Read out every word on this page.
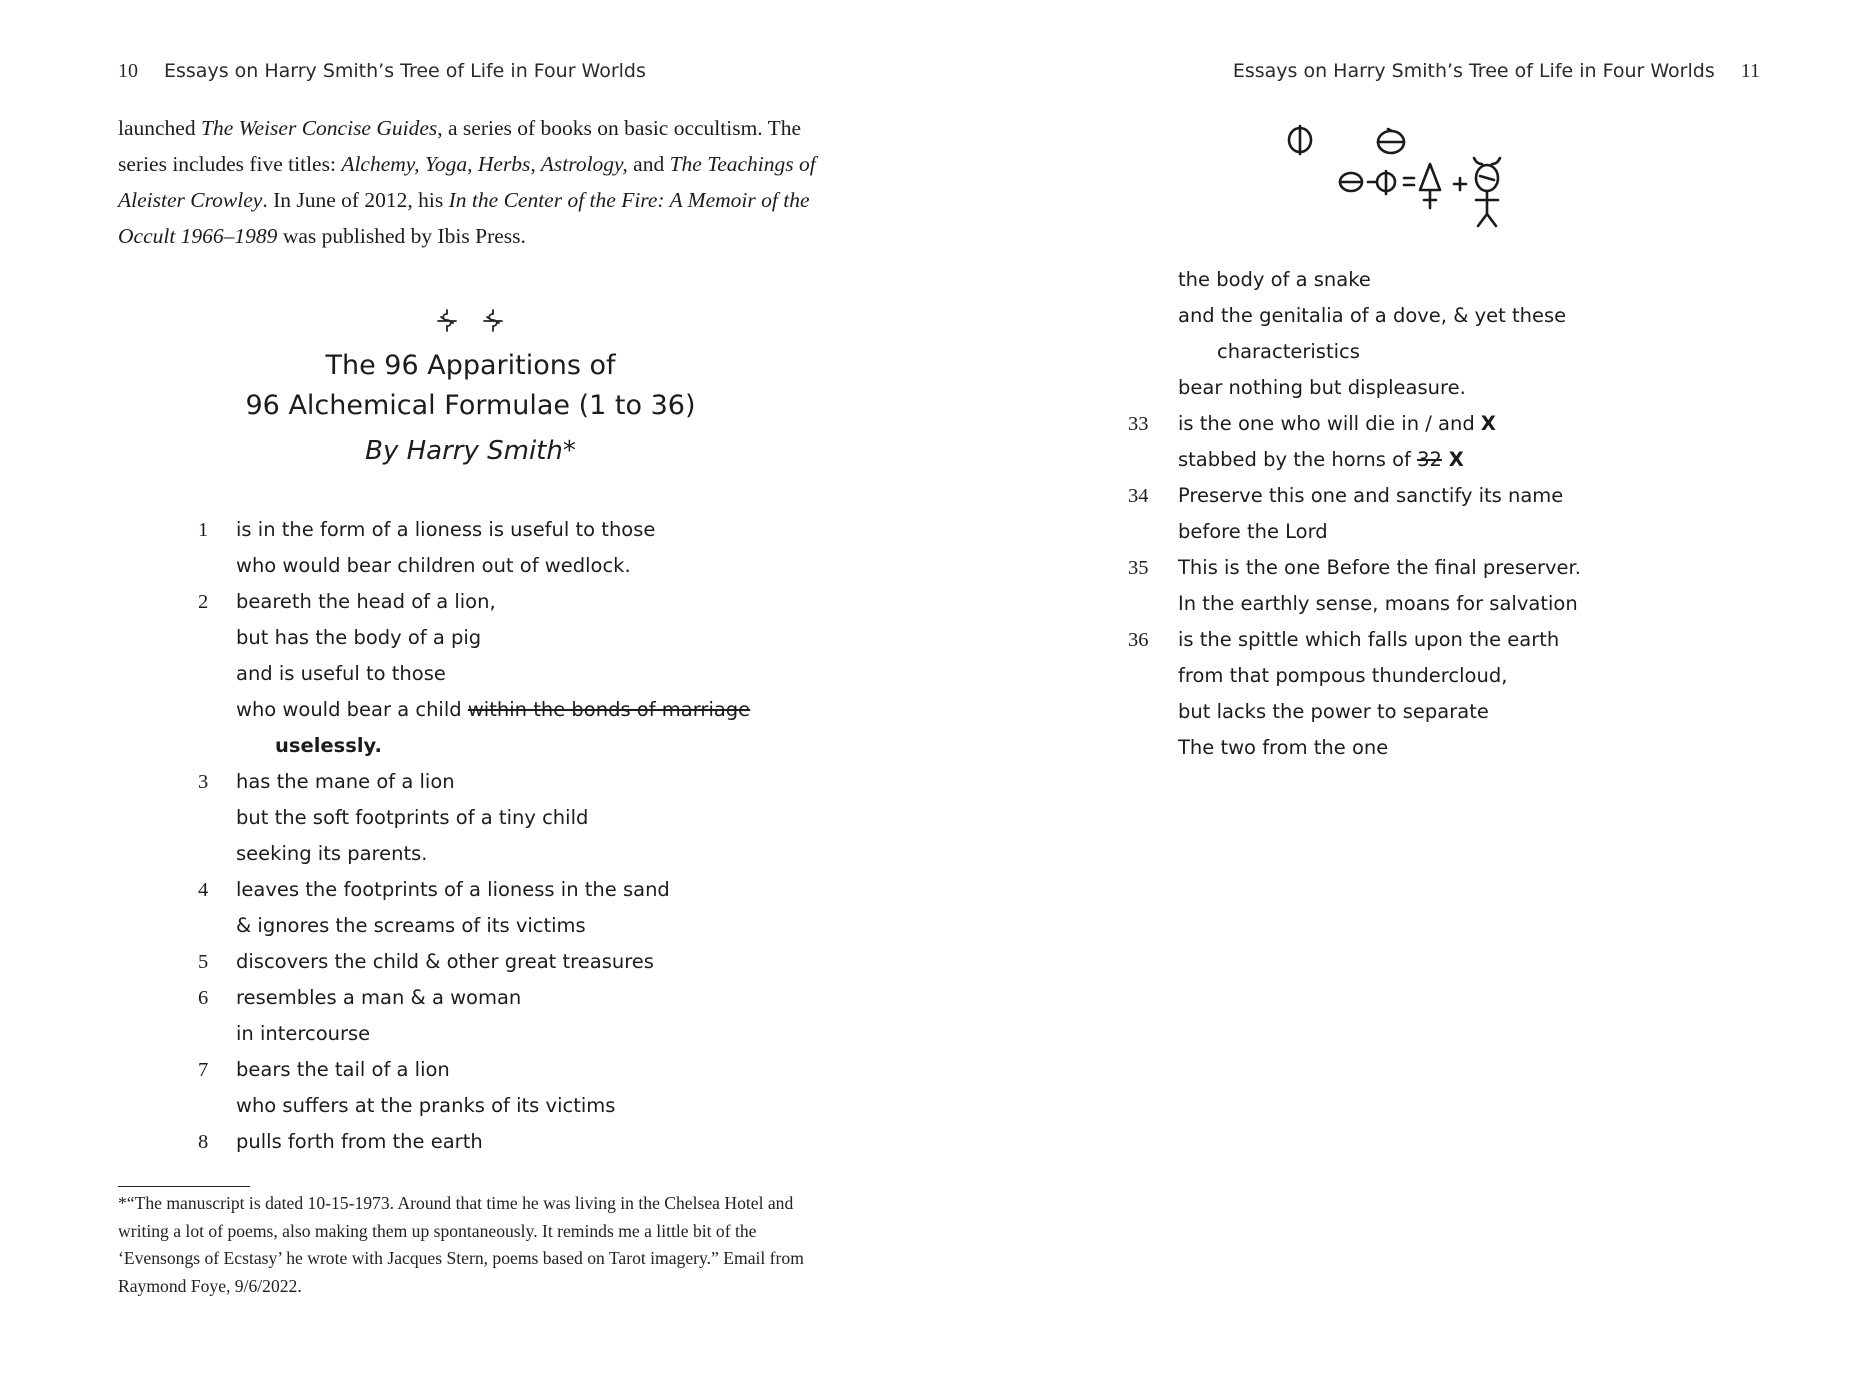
10 Essays on Harry Smith’s Tree of Life in Four Worlds

launched The Weiser Concise Guides, a series of books on basic occultism. The series includes five titles: Alchemy, Yoga, Herbs, Astrology, and The Teachings of Aleister Crowley. In June of 2012, his In the Center of the Fire: A Memoir of the Occult 1966–1989 was published by Ibis Press.

The 96 Apparitions of
96 Alchemical Formulae (1 to 36)
By Harry Smith*
1	is in the form of a lioness is useful to those
who would bear children out of wedlock.
2	beareth the head of a lion,
but has the body of a pig
and is useful to those
who would bear a child within the bonds of marriage
uselessly.
3	has the mane of a lion
but the soft footprints of a tiny child
seeking its parents.
4	leaves the footprints of a lioness in the sand
& ignores the screams of its victims
5	discovers the child & other great treasures
6	resembles a man & a woman
in intercourse
7	bears the tail of a lion
who suffers at the pranks of its victims
8	pulls forth from the earth

*“The manuscript is dated 10-15-1973. Around that time he was living in the Chelsea Hotel and writing a lot of poems, also making them up spontaneously. It reminds me a little bit of the ‘Evensongs of Ecstasy’ he wrote with Jacques Stern, poems based on Tarot imagery.” Email from Raymond Foye, 9/6/2022.

Essays on Harry Smith’s Tree of Life in Four Worlds 11
the body of a snake
and the genitalia of a dove, & yet these
characteristics
bear nothing but displeasure.
33	is the one who will die in / and X
stabbed by the horns of 32 X
34	Preserve this one and sanctify its name
before the Lord
35	This is the one Before the final preserver.
In the earthly sense, moans for salvation
36	is the spittle which falls upon the earth
from that pompous thundercloud,
but lacks the power to separate
The two from the one
